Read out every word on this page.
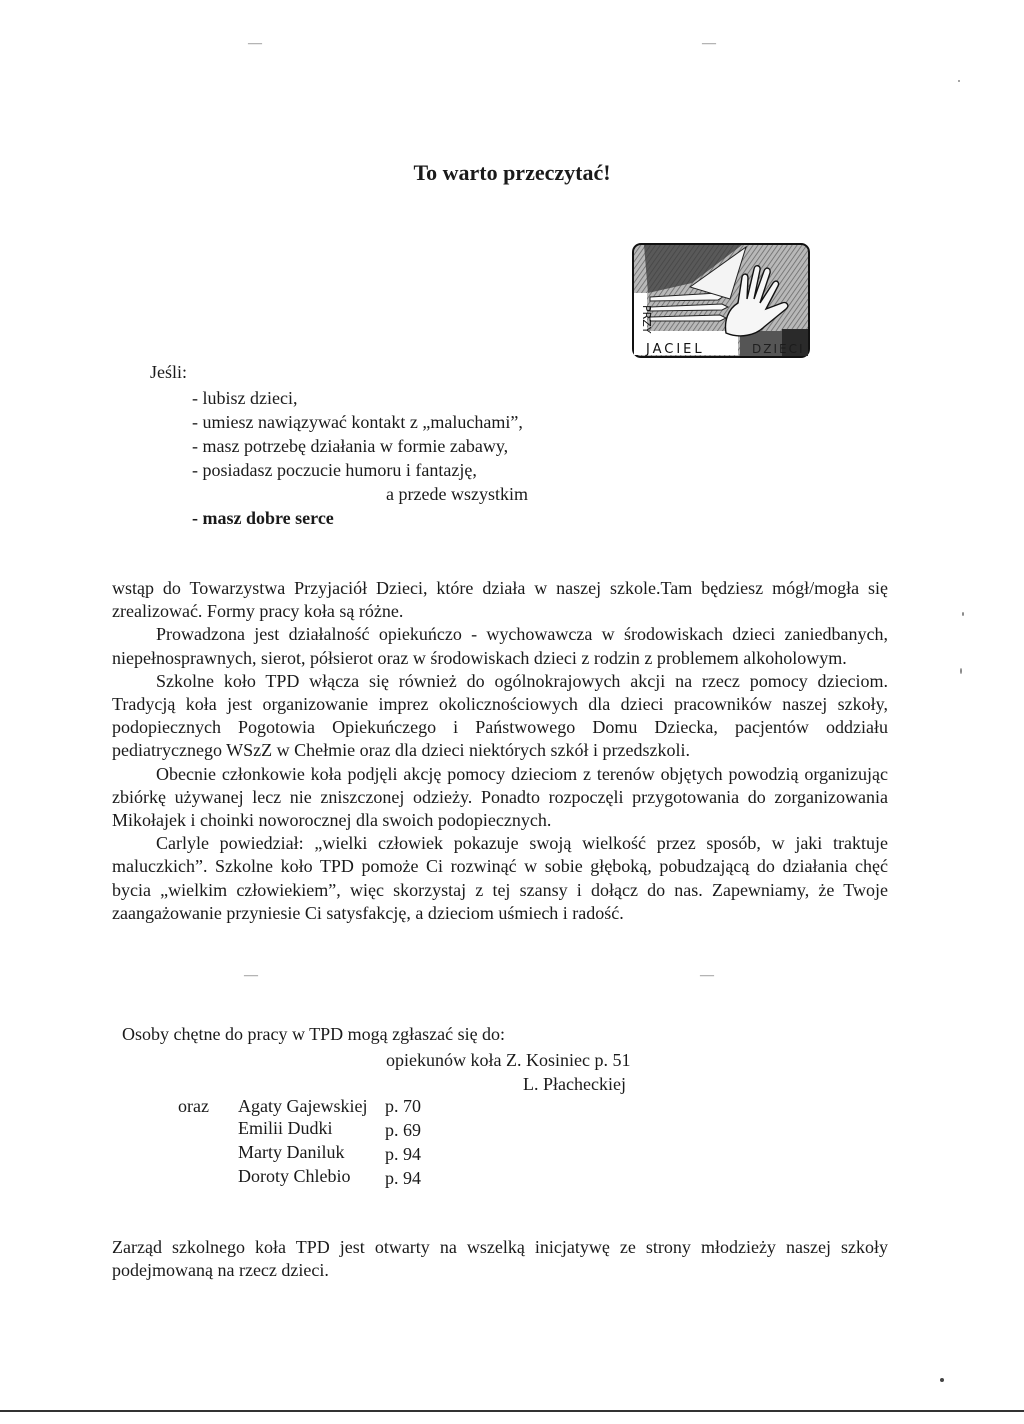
—	—
—	—
To warto przeczytać!
PRZY
JACIEL	DZIECI
Jeśli:
- lubisz dzieci,
- umiesz nawiązywać kontakt z „maluchami”,
- masz potrzebę działania w formie zabawy,
- posiadasz poczucie humoru i fantazję,
a przede wszystkim
- masz dobre serce

wstąp do Towarzystwa Przyjaciół Dzieci, które działa w naszej szkole.Tam będziesz mógł/mogła się zrealizować. Formy pracy koła są różne.

Prowadzona jest działalność opiekuńczo - wychowawcza w środowiskach dzieci zaniedbanych, niepełnosprawnych, sierot, półsierot oraz w środowiskach dzieci z rodzin z problemem alkoholowym.

Szkolne koło TPD włącza się również do ogólnokrajowych akcji na rzecz pomocy dzieciom. Tradycją koła jest organizowanie imprez okolicznościowych dla dzieci pracowników naszej szkoły, podopiecznych Pogotowia Opiekuńczego i Państwowego Domu Dziecka, pacjentów oddziału pediatrycznego WSzZ w Chełmie oraz dla dzieci niektórych szkół i przedszkoli.

Obecnie członkowie koła podjęli akcję pomocy dzieciom z terenów objętych powodzią organizując zbiórkę używanej lecz nie zniszczonej odzieży. Ponadto rozpoczęli przygotowania do zorganizowania Mikołajek i choinki noworocznej dla swoich podopiecznych.

Carlyle powiedział: „wielki człowiek pokazuje swoją wielkość przez sposób, w jaki traktuje maluczkich”. Szkolne koło TPD pomoże Ci rozwinąć w sobie głęboką, pobudzającą do działania chęć bycia „wielkim człowiekiem”, więc skorzystaj z tej szansy i dołącz do nas. Zapewniamy, że Twoje zaangażowanie przyniesie Ci satysfakcję, a dzieciom uśmiech i radość.

Osoby chętne do pracy w TPD mogą zgłaszać się do:
opiekunów koła Z. Kosiniec p. 51
L. Płacheckiej
oraz Agaty Gajewskiej p. 70
Emilii Dudki	p. 69
Marty Daniluk p. 94
Doroty Chlebio p. 94

Zarząd szkolnego koła TPD jest otwarty na wszelką inicjatywę ze strony młodzieży naszej szkoły podejmowaną na rzecz dzieci.
